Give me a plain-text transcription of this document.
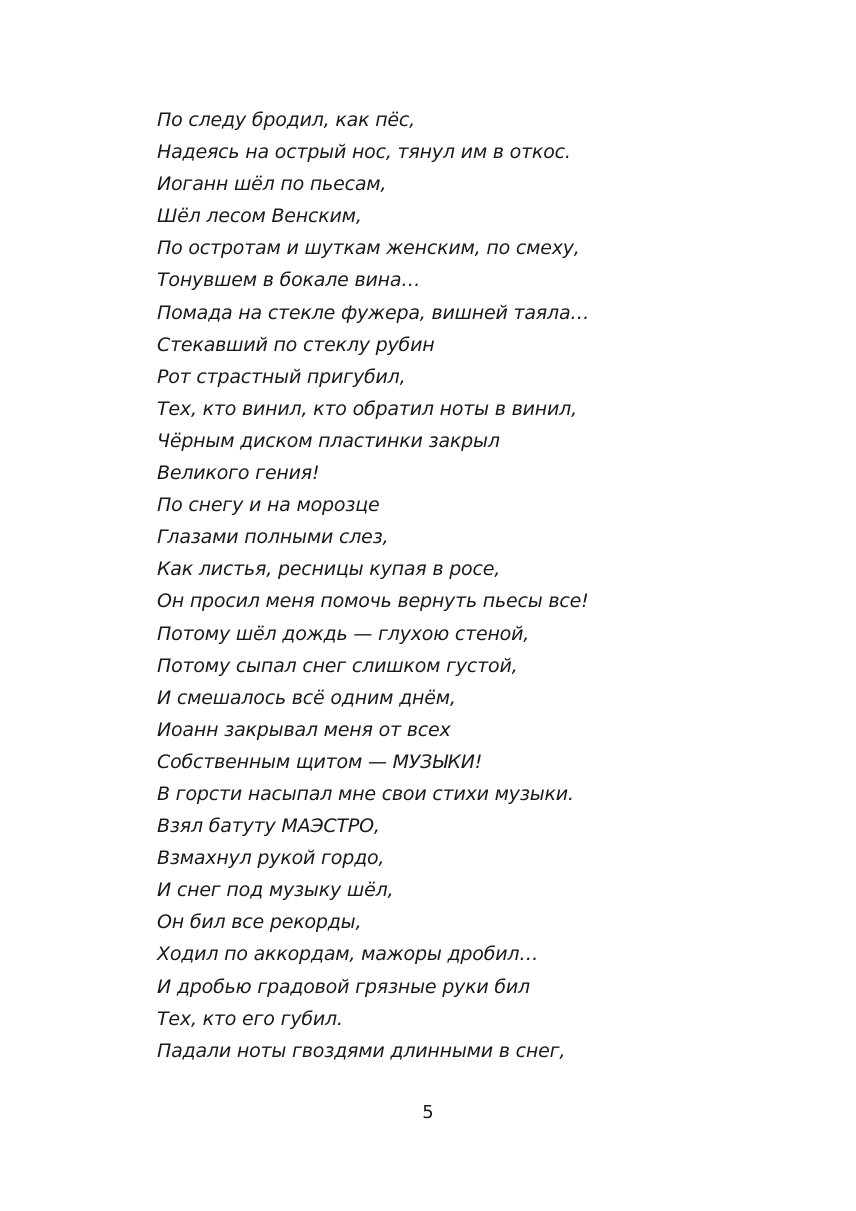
По следу бродил, как пёс,
Надеясь на острый нос, тянул им в откос.
Иоганн шёл по пьесам,
Шёл лесом Венским,
По остротам и шуткам женским, по смеху,
Тонувшем в бокале вина…
Помада на стекле фужера, вишней таяла…
Стекавший по стеклу рубин
Рот страстный пригубил,
Тех, кто винил, кто обратил ноты в винил,
Чёрным диском пластинки закрыл
Великого гения!
По снегу и на морозце
Глазами полными слез,
Как листья, ресницы купая в росе,
Он просил меня помочь вернуть пьесы все!
Потому шёл дождь — глухою стеной,
Потому сыпал снег слишком густой,
И смешалось всё одним днём,
Иоанн закрывал меня от всех
Собственным щитом — МУЗЫКИ!
В горсти насыпал мне свои стихи музыки.
Взял батуту МАЭСТРО,
Взмахнул рукой гордо,
И снег под музыку шёл,
Он бил все рекорды,
Ходил по аккордам, мажоры дробил…
И дробью градовой грязные руки бил
Тех, кто его губил.
Падали ноты гвоздями длинными в снег,
5
